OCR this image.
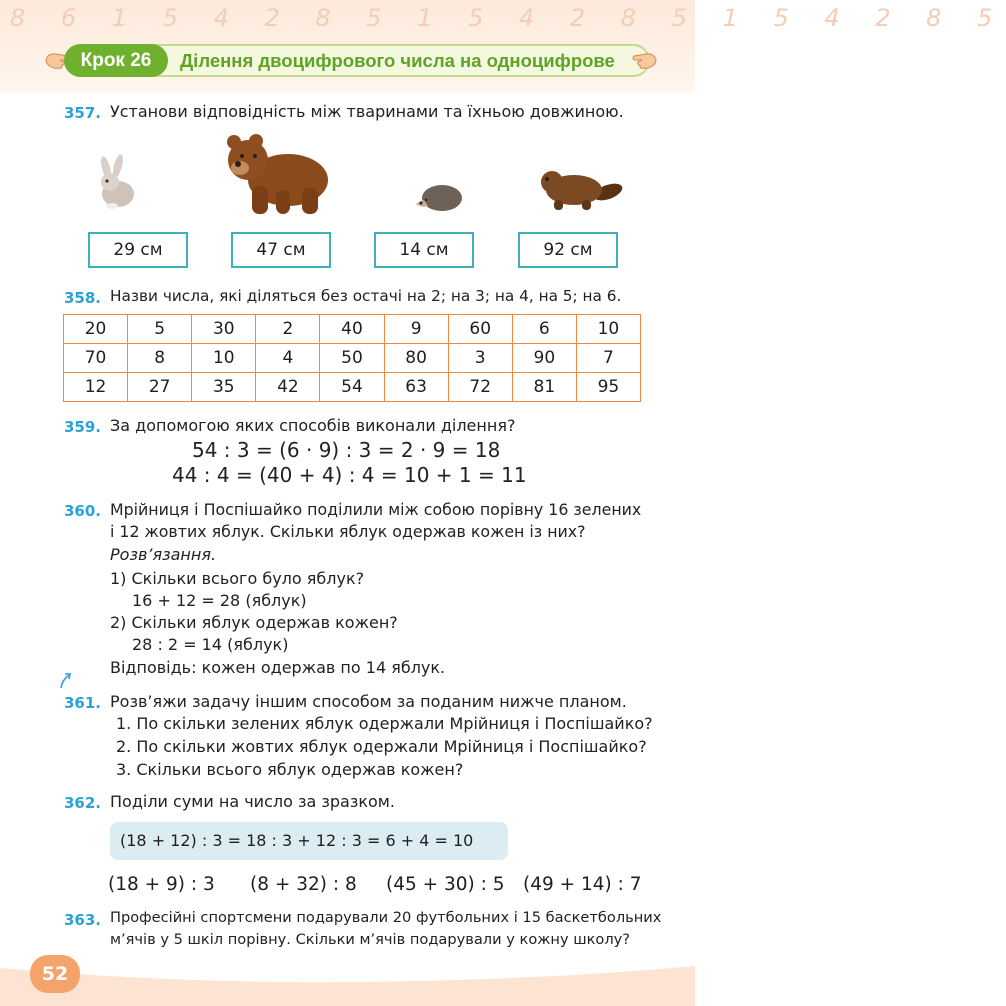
8 6 1 5 4 2 8 5 1 5 4 2 8 5 1 5 4 2 8 5
Крок 26	Ділення двоцифрового числа на одноцифрове
357. Установи відповідність між тваринами та їхньою довжиною.
29 см	47 см	14 см	92 см
358. Назви числа, які діляться без остачі на 2; на 3; на 4, на 5; на 6.
20	5	30	2	40	9	60	6	10
70	8	10	4	50	80	3	90	7
12	27	35	42	54	63	72	81	95
359. За допомогою яких способів виконали ділення?
54 : 3 = (6 · 9) : 3 = 2 · 9 = 18
44 : 4 = (40 + 4) : 4 = 10 + 1 = 11
360. Мрійниця і Поспішайко поділили між собою порівну 16 зелених
і 12 жовтих яблук. Скільки яблук одержав кожен із них?
Розв’язання.
1) Скільки всього було яблук?
16 + 12 = 28 (яблук)
2) Скільки яблук одержав кожен?
28 : 2 = 14 (яблук)
Відповідь: кожен одержав по 14 яблук.
361. Розв’яжи задачу іншим способом за поданим нижче планом.
1. По скільки зелених яблук одержали Мрійниця і Поспішайко?
2. По скільки жовтих яблук одержали Мрійниця і Поспішайко?
3. Скільки всього яблук одержав кожен?
362. Поділи суми на число за зразком.
(18 + 12) : 3 = 18 : 3 + 12 : 3 = 6 + 4 = 10
(18 + 9) : 3 (8 + 32) : 8 (45 + 30) : 5 (49 + 14) : 7
363. Професійні спортсмени подарували 20 футбольних і 15 баскетбольних
м’ячів у 5 шкіл порівну. Скільки м’ячів подарували у кожну школу?
52
